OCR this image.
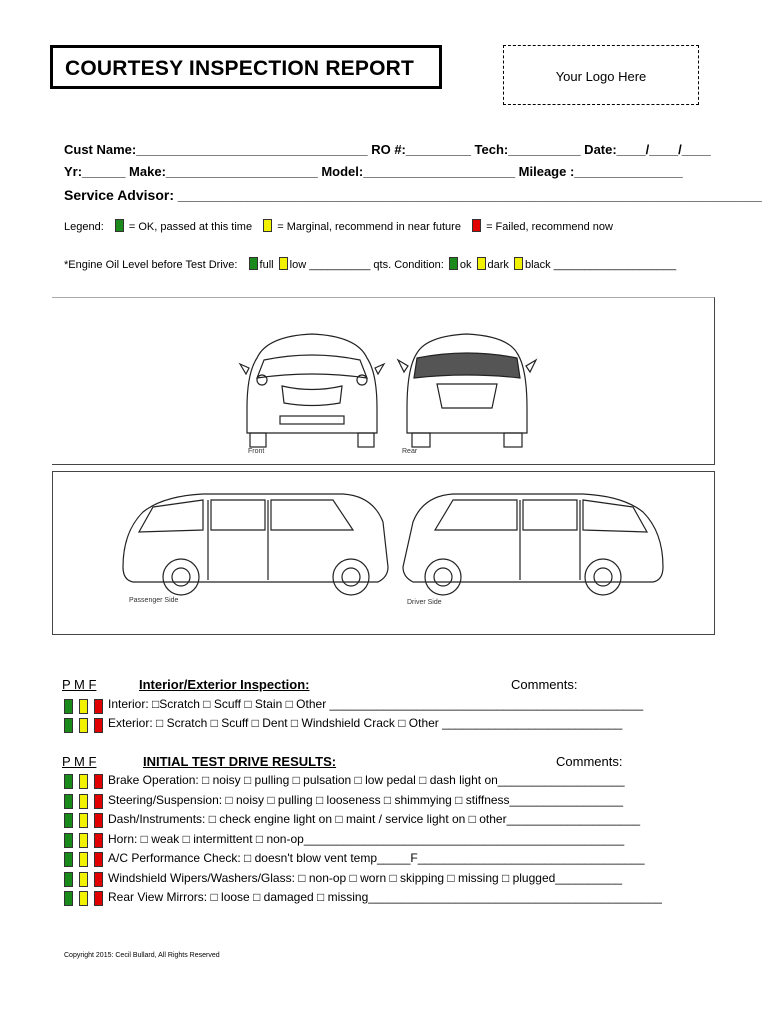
COURTESY INSPECTION REPORT	Your Logo Here
Cust Name:________________________________ RO #:_________ Tech:__________ Date:____/____/____
Yr:______ Make:_____________________ Model:_____________________ Mileage :_______________
Service Advisor: ___________________________________________________________________________
Legend: = OK, passed at this time = Marginal, recommend in near future = Failed, recommend now
*Engine Oil Level before Test Drive: full low __________ qts. Condition: ok dark black ____________________
Front	Rear
Passenger Side	Driver Side
P M F	Interior/Exterior Inspection:	Comments:
Interior: □Scratch □ Scuff □ Stain □ Other _______________________________________________
Exterior: □ Scratch □ Scuff □ Dent □ Windshield Crack □ Other ___________________________
P M F	INITIAL TEST DRIVE RESULTS:	Comments:
Brake Operation: □ noisy □ pulling □ pulsation □ low pedal □ dash light on___________________
Steering/Suspension: □ noisy □ pulling □ looseness □ shimmying □ stiffness_________________
Dash/Instruments: □ check engine light on □ maint / service light on □ other____________________
Horn: □ weak □ intermittent □ non-op________________________________________________
A/C Performance Check: □ doesn't blow vent temp_____F__________________________________
Windshield Wipers/Washers/Glass: □ non-op □ worn □ skipping □ missing □ plugged__________
Rear View Mirrors: □ loose □ damaged □ missing____________________________________________
Copyright 2015: Cecil Bullard, All Rights Reserved
